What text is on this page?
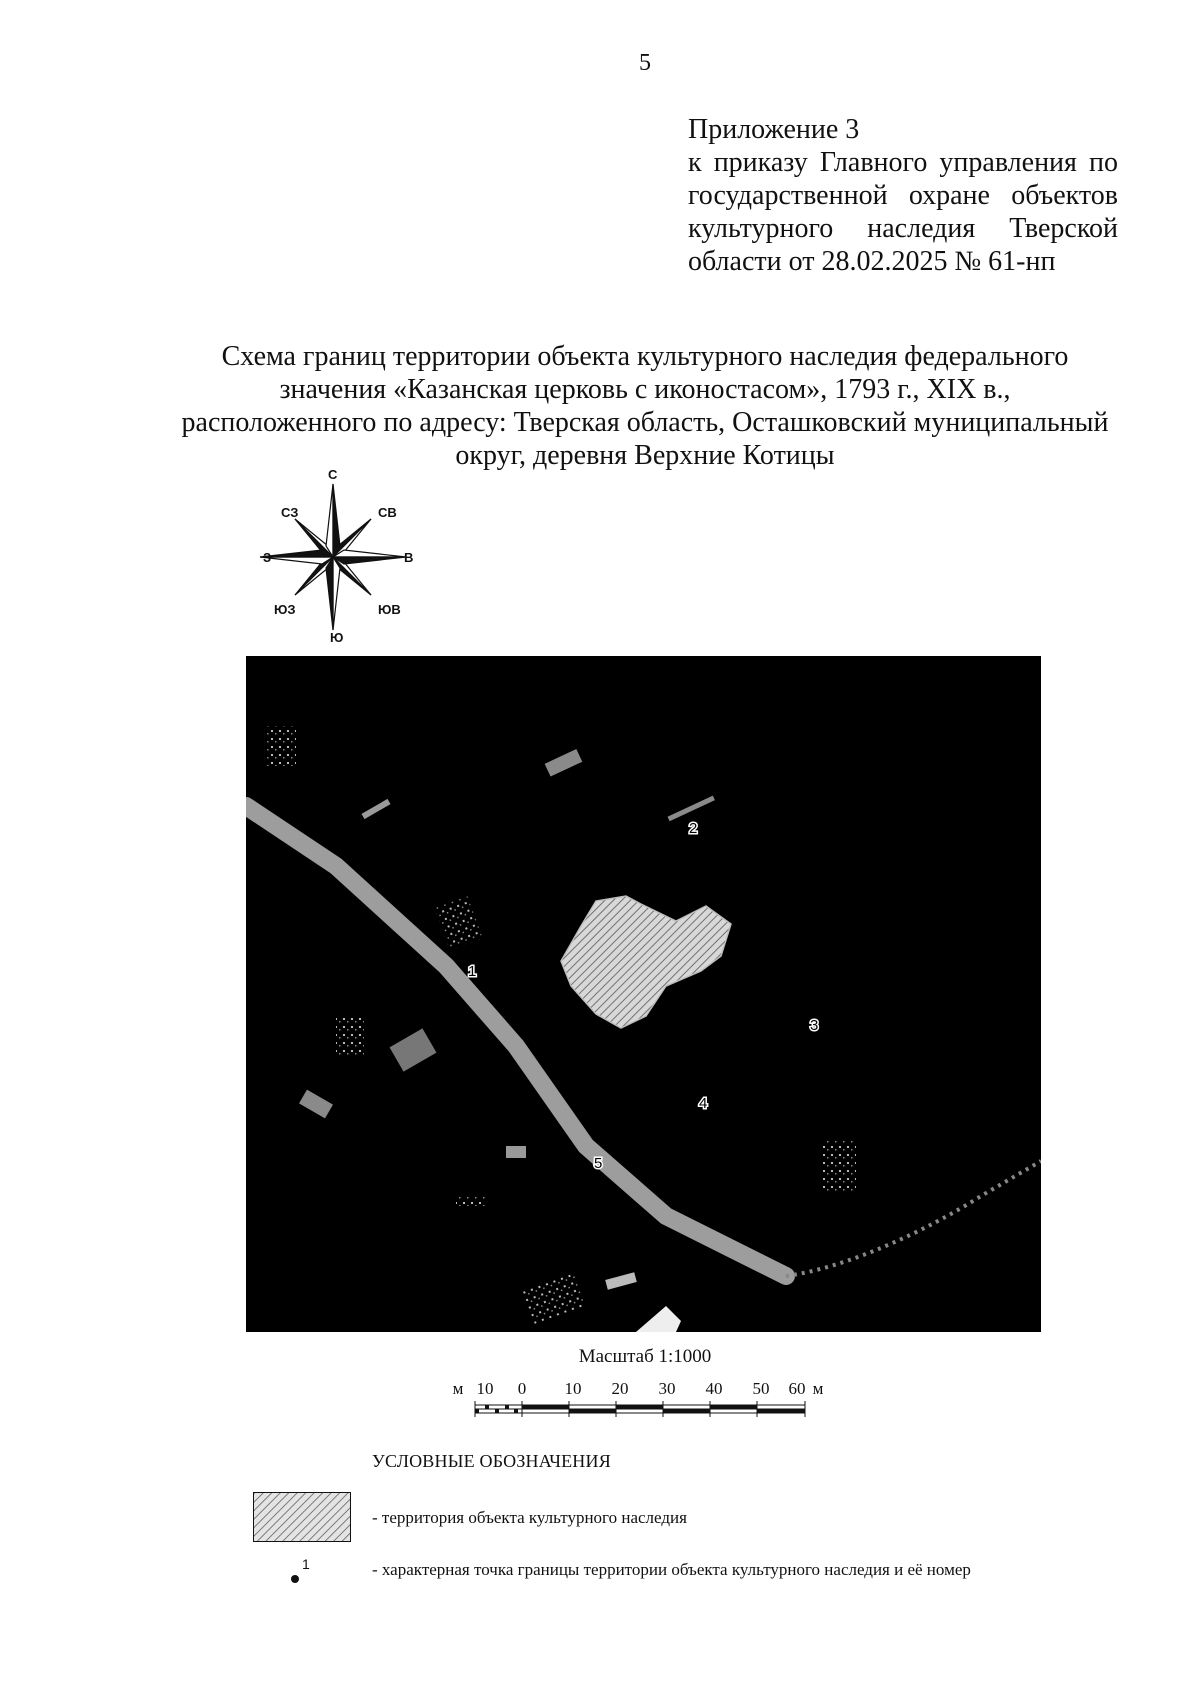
5
Приложение 3
к приказу Главного управления по
государственной охране объектов
культурного наследия Тверской
области от 28.02.2025 № 61-нп
Схема границ территории объекта культурного наследия федерального
значения «Казанская церковь с иконостасом», 1793 г., XIX в.,
расположенного по адресу: Тверская область, Осташковский муниципальный
округ, деревня Верхние Котицы
С
СВ
В
ЮВ
Ю
ЮЗ
З
СЗ
1
2
3
4
5
Масштаб 1:1000
м 10 0 10 20 30 40 50 60 м
УСЛОВНЫЕ ОБОЗНАЧЕНИЯ
- территория объекта культурного наследия
1	- характерная точка границы территории объекта культурного наследия и её номер
